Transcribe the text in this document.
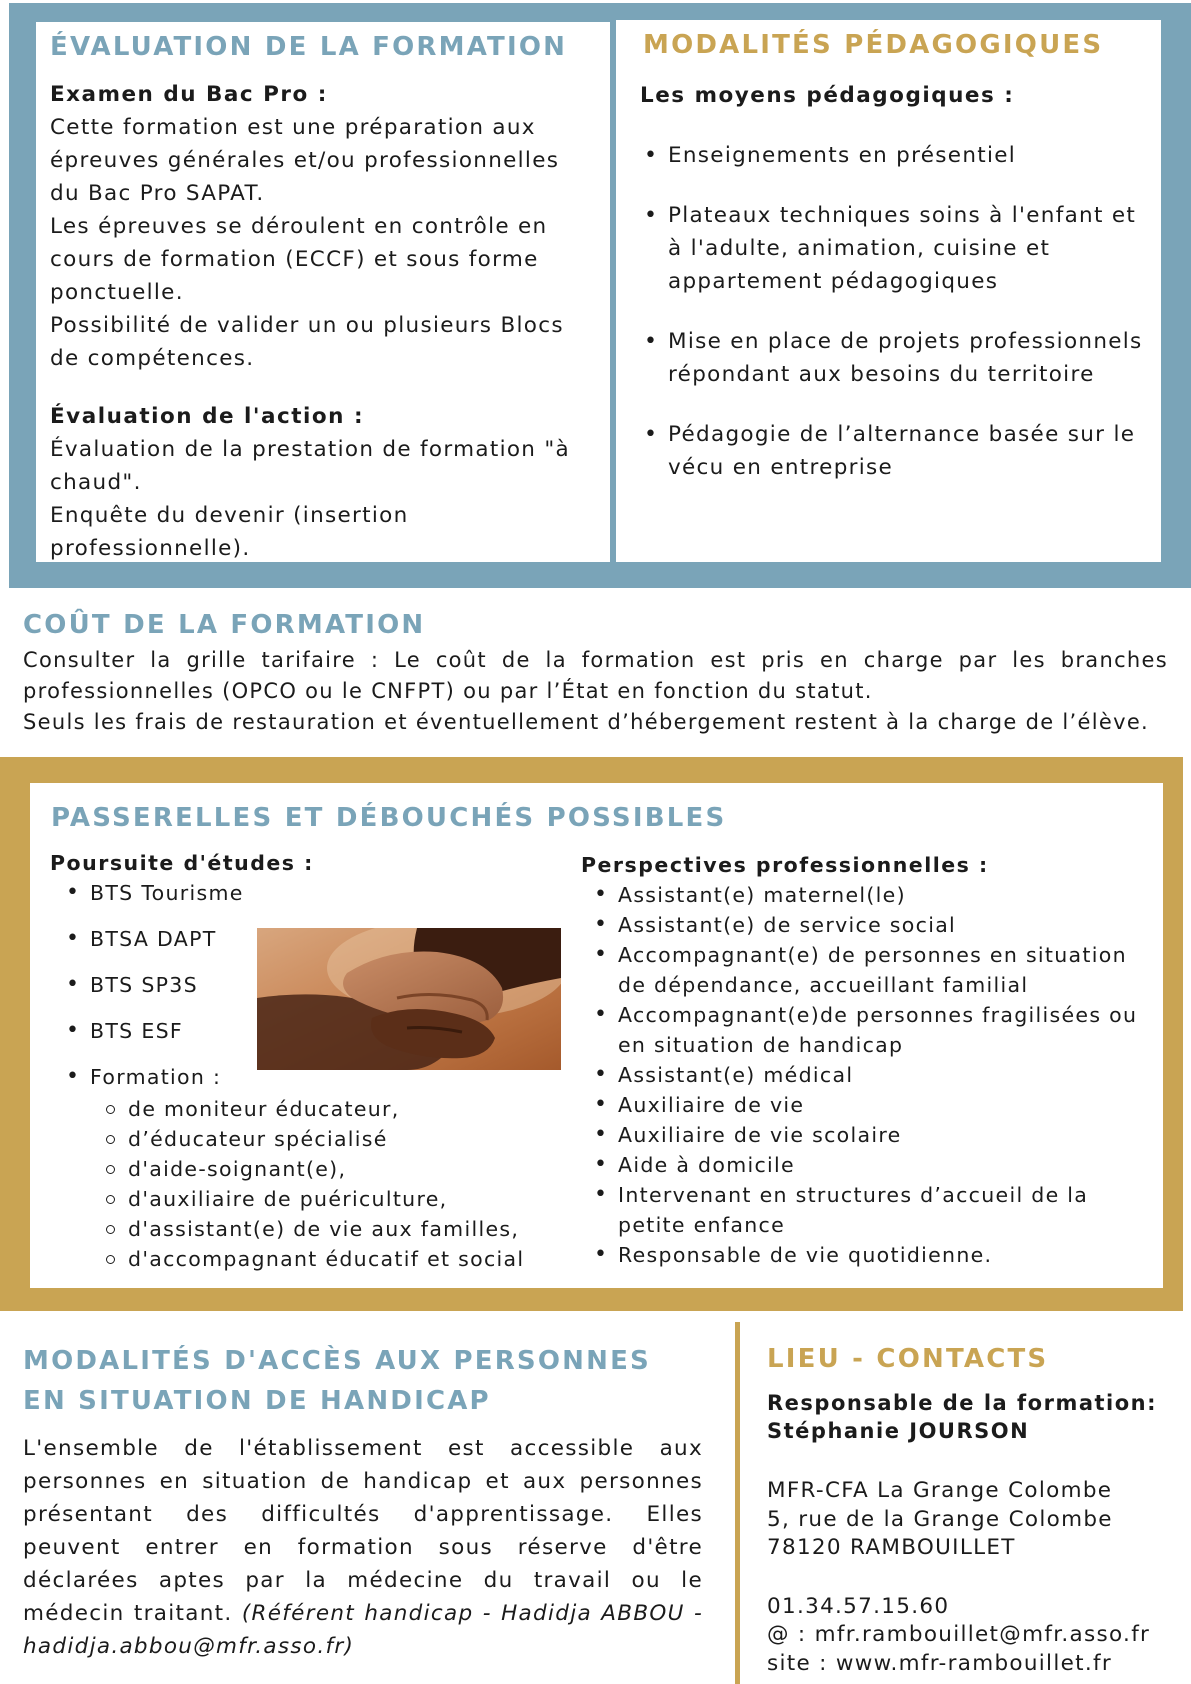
ÉVALUATION DE LA FORMATION
Examen du Bac Pro :
Cette formation est une préparation aux épreuves générales et/ou professionnelles du Bac Pro SAPAT.
Les épreuves se déroulent en contrôle en cours de formation (ECCF) et sous forme ponctuelle.
Possibilité de valider un ou plusieurs Blocs de compétences.
Évaluation de l'action :
Évaluation de la prestation de formation "à chaud".
Enquête du devenir (insertion professionnelle).
MODALITÉS PÉDAGOGIQUES
Les moyens pédagogiques :
• Enseignements en présentiel
• Plateaux techniques soins à l'enfant et à l'adulte, animation, cuisine et appartement pédagogiques
• Mise en place de projets professionnels répondant aux besoins du territoire
• Pédagogie de l’alternance basée sur le vécu en entreprise
COÛT DE LA FORMATION
Consulter la grille tarifaire : Le coût de la formation est pris en charge par les branches professionnelles (OPCO ou le CNFPT) ou par l’État en fonction du statut.
Seuls les frais de restauration et éventuellement d’hébergement restent à la charge de l’élève.
PASSERELLES ET DÉBOUCHÉS POSSIBLES
Poursuite d'études :
• BTS Tourisme
• BTSA DAPT
• BTS SP3S
• BTS ESF
• Formation :
de moniteur éducateur,
d’éducateur spécialisé
d'aide-soignant(e),
d'auxiliaire de puériculture,
d'assistant(e) de vie aux familles,
d'accompagnant éducatif et social
Perspectives professionnelles :
• Assistant(e) maternel(le)
• Assistant(e) de service social
• Accompagnant(e) de personnes en situation de dépendance, accueillant familial
• Accompagnant(e)de personnes fragilisées ou en situation de handicap
• Assistant(e) médical
• Auxiliaire de vie
• Auxiliaire de vie scolaire
• Aide à domicile
• Intervenant en structures d’accueil de la petite enfance
• Responsable de vie quotidienne.
MODALITÉS D'ACCÈS AUX PERSONNES EN SITUATION DE HANDICAP
L'ensemble de l'établissement est accessible aux personnes en situation de handicap et aux personnes présentant des difficultés d'apprentissage. Elles peuvent entrer en formation sous réserve d'être déclarées aptes par la médecine du travail ou le médecin traitant. (Référent handicap - Hadidja ABBOU - hadidja.abbou@mfr.asso.fr)
LIEU - CONTACTS
Responsable de la formation:
Stéphanie JOURSON
MFR-CFA La Grange Colombe
5, rue de la Grange Colombe
78120 RAMBOUILLET
01.34.57.15.60
@ : mfr.rambouillet@mfr.asso.fr
site : www.mfr-rambouillet.fr
